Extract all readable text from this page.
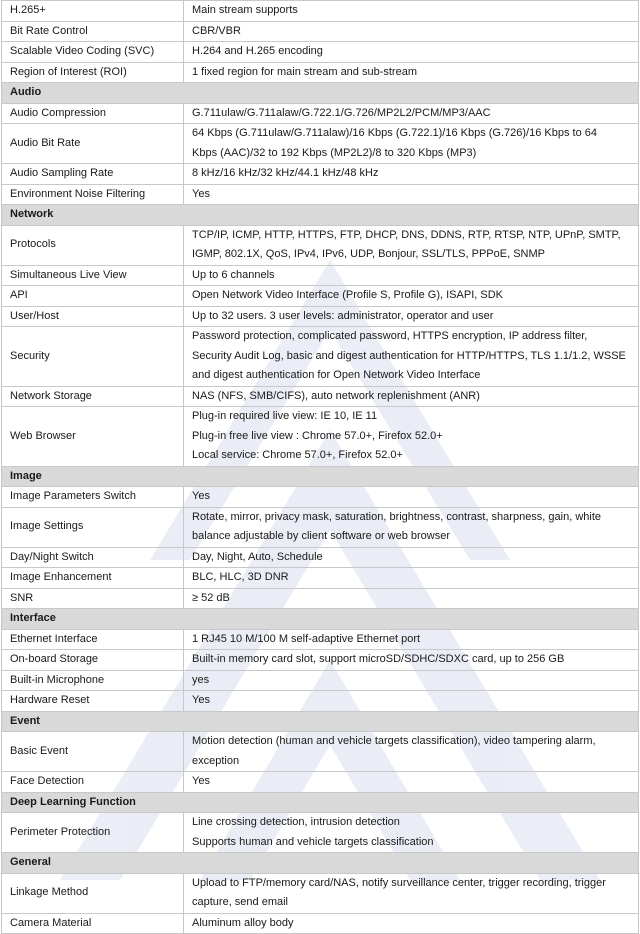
H.265+	Main stream supports

Bit Rate Control	CBR/VBR

Scalable Video Coding (SVC)	H.264 and H.265 encoding

Region of Interest (ROI)	1 fixed region for main stream and sub-stream

Audio	
Audio Compression	G.711ulaw/G.711alaw/G.722.1/G.726/MP2L2/PCM/MP3/AAC

Audio Bit Rate	64 Kbps (G.711ulaw/G.711alaw)/16 Kbps (G.722.1)/16 Kbps (G.726)/16 Kbps to 64
Kbps (AAC)/32 to 192 Kbps (MP2L2)/8 to 320 Kbps (MP3)

Audio Sampling Rate	8 kHz/16 kHz/32 kHz/44.1 kHz/48 kHz

Environment Noise Filtering	Yes

Network	
Protocols	TCP/IP, ICMP, HTTP, HTTPS, FTP, DHCP, DNS, DDNS, RTP, RTSP, NTP, UPnP, SMTP,
IGMP, 802.1X, QoS, IPv4, IPv6, UDP, Bonjour, SSL/TLS, PPPoE, SNMP

Simultaneous Live View	Up to 6 channels

API	Open Network Video Interface (Profile S, Profile G), ISAPI, SDK

User/Host	Up to 32 users. 3 user levels: administrator, operator and user

Security	Password protection, complicated password, HTTPS encryption, IP address filter,
Security Audit Log, basic and digest authentication for HTTP/HTTPS, TLS 1.1/1.2, WSSE
and digest authentication for Open Network Video Interface

Network Storage	NAS (NFS, SMB/CIFS), auto network replenishment (ANR)

Web Browser	Plug-in required live view: IE 10, IE 11
Plug-in free live view : Chrome 57.0+, Firefox 52.0+
Local service: Chrome 57.0+, Firefox 52.0+

Image	
Image Parameters Switch	Yes

Image Settings	Rotate, mirror, privacy mask, saturation, brightness, contrast, sharpness, gain, white
balance adjustable by client software or web browser

Day/Night Switch	Day, Night, Auto, Schedule

Image Enhancement	BLC, HLC, 3D DNR

SNR	≥ 52 dB

Interface	
Ethernet Interface	1 RJ45 10 M/100 M self-adaptive Ethernet port

On-board Storage	Built-in memory card slot, support microSD/SDHC/SDXC card, up to 256 GB

Built-in Microphone	yes

Hardware Reset	Yes

Event	
Basic Event	Motion detection (human and vehicle targets classification), video tampering alarm,
exception

Face Detection	Yes

Deep Learning Function	
Perimeter Protection	Line crossing detection, intrusion detection
Supports human and vehicle targets classification

General	
Linkage Method	Upload to FTP/memory card/NAS, notify surveillance center, trigger recording, trigger
capture, send email

Camera Material	Aluminum alloy body
